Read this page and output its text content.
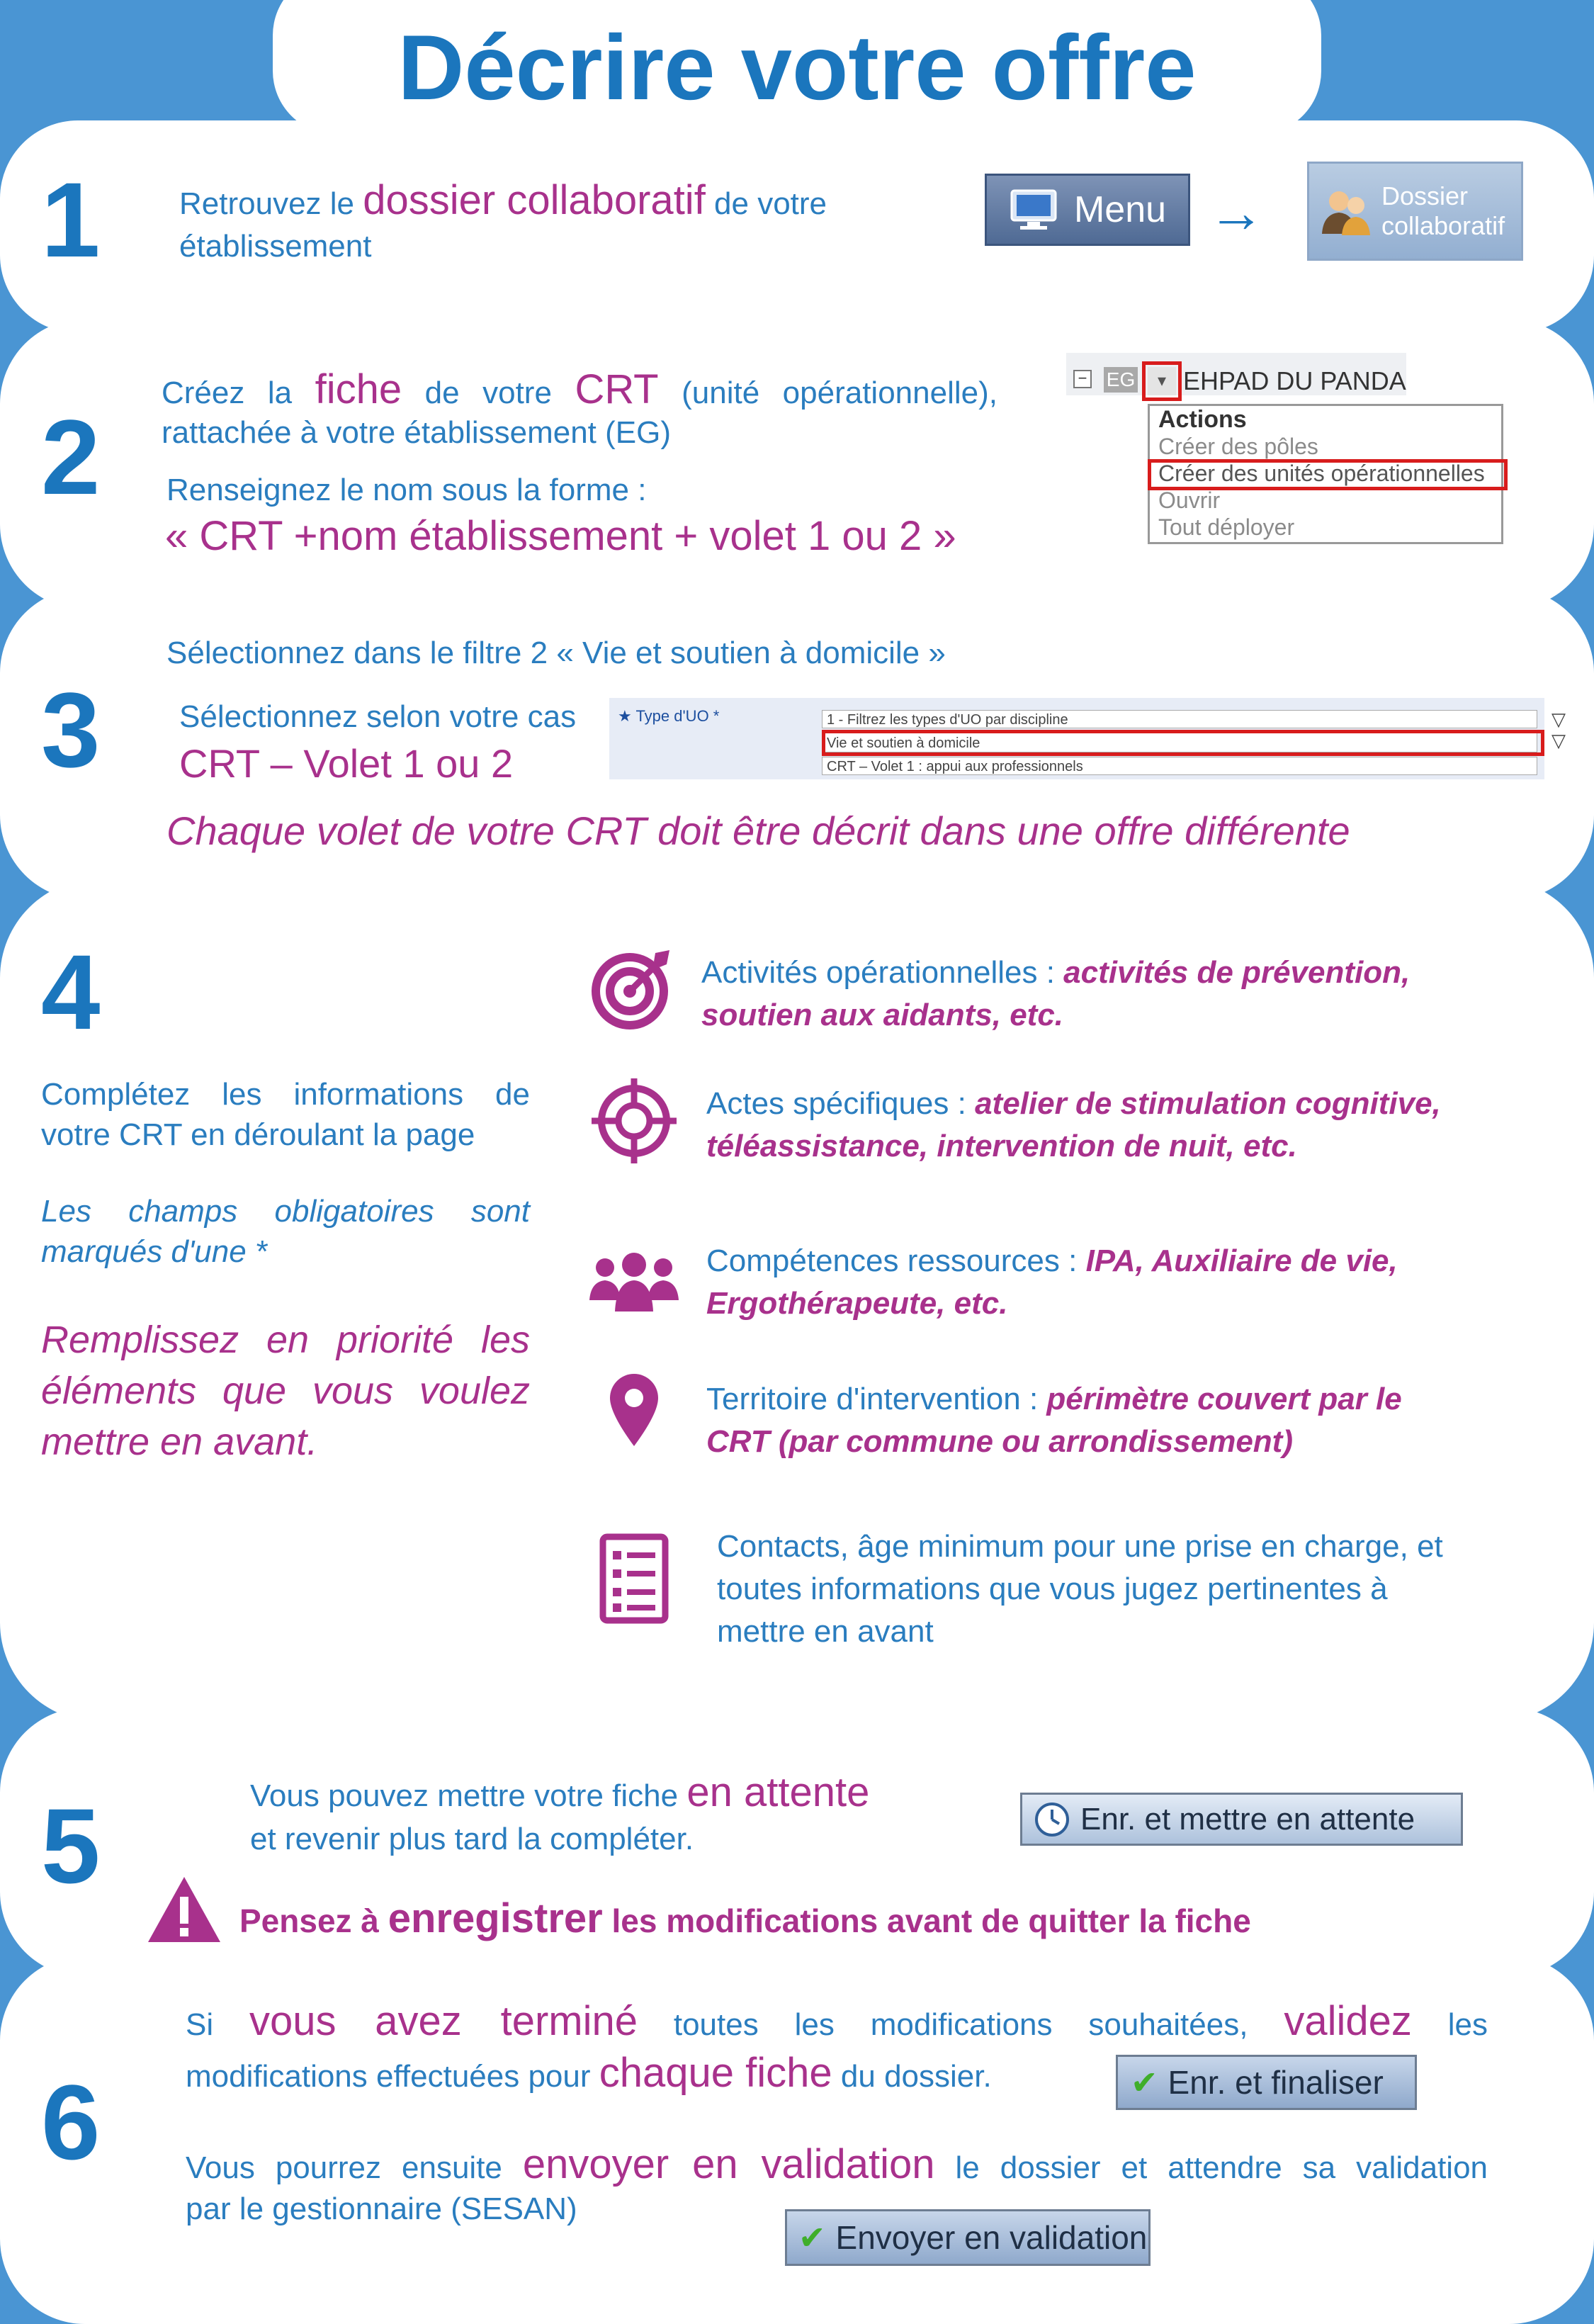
Décrire votre offre
1	Retrouvez le dossier collaboratif de votre
établissement
Menu →	Dossier
collaboratif
2
Créez la fiche de votre CRT (unité opérationnelle),
rattachée à votre établissement (EG)
Renseignez le nom sous la forme :
« CRT +nom établissement + volet 1 ou 2 »
− EG	▾ EHPAD DU PANDA
Actions
Créer des pôles
Créer des unités opérationnelles
Ouvrir
Tout déployer
Sélectionnez dans le filtre 2 « Vie et soutien à domicile »
3	Sélectionnez selon votre cas
CRT – Volet 1 ou 2
Chaque volet de votre CRT doit être décrit dans une offre différente
★ Type d'UO *	1 - Filtrez les types d'UO par discipline
Vie et soutien à domicile
CRT – Volet 1 : appui aux professionnels
▽
▽
4
Complétez les informations de
votre CRT en déroulant la page
Les champs obligatoires sont
marqués d'une *
Remplissez en priorité les
éléments que vous voulez
mettre en avant.
Activités opérationnelles : activités de prévention,
soutien aux aidants, etc.
Actes spécifiques : atelier de stimulation cognitive,
téléassistance, intervention de nuit, etc.
Compétences ressources : IPA, Auxiliaire de vie,
Ergothérapeute, etc.
Territoire d'intervention : périmètre couvert par le
CRT (par commune ou arrondissement)
Contacts, âge minimum pour une prise en charge, et
toutes informations que vous jugez pertinentes à
mettre en avant
5	Vous pouvez mettre votre fiche en attente
et revenir plus tard la compléter.
Enr. et mettre en attente
Pensez à enregistrer les modifications avant de quitter la fiche
6
Si vous avez terminé toutes les modifications souhaitées, validez les
modifications effectuées pour chaque fiche du dossier.	✔ Enr. et finaliser
Vous pourrez ensuite envoyer en validation le dossier et attendre sa validation
par le gestionnaire (SESAN)
✔ Envoyer en validation
